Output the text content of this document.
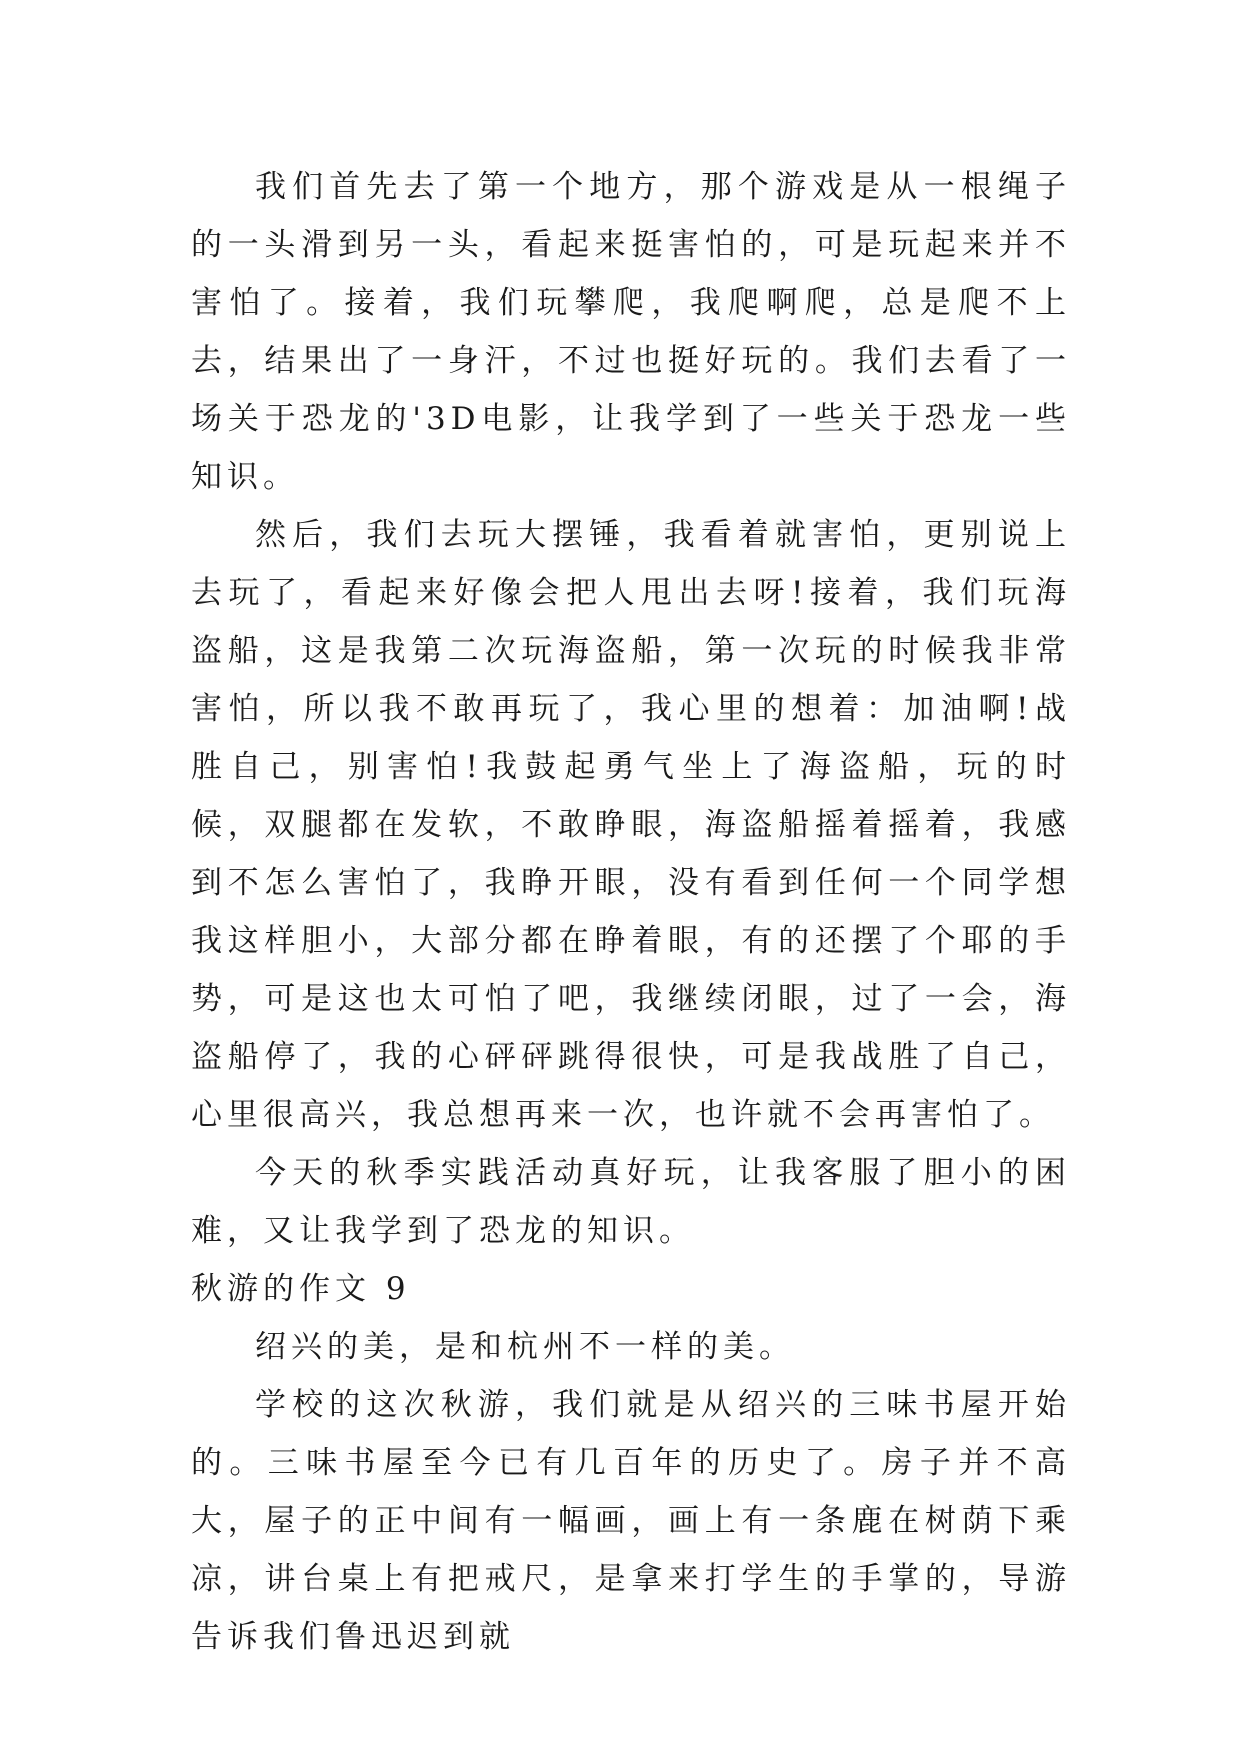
我们首先去了第一个地方，那个游戏是从一根绳子的一头滑到另一头，看起来挺害怕的，可是玩起来并不害怕了。接着，我们玩攀爬，我爬啊爬，总是爬不上去，结果出了一身汗，不过也挺好玩的。我们去看了一场关于恐龙的'3D电影，让我学到了一些关于恐龙一些知识。

然后，我们去玩大摆锤，我看着就害怕，更别说上去玩了，看起来好像会把人甩出去呀!接着，我们玩海盗船，这是我第二次玩海盗船，第一次玩的时候我非常害怕，所以我不敢再玩了，我心里的想着：加油啊!战胜自己，别害怕!我鼓起勇气坐上了海盗船，玩的时候，双腿都在发软，不敢睁眼，海盗船摇着摇着，我感到不怎么害怕了，我睁开眼，没有看到任何一个同学想我这样胆小，大部分都在睁着眼，有的还摆了个耶的手势，可是这也太可怕了吧，我继续闭眼，过了一会，海盗船停了，我的心砰砰跳得很快，可是我战胜了自己，心里很高兴，我总想再来一次，也许就不会再害怕了。

今天的秋季实践活动真好玩，让我客服了胆小的困难，又让我学到了恐龙的知识。

秋游的作文 9

绍兴的美，是和杭州不一样的美。

学校的这次秋游，我们就是从绍兴的三味书屋开始的。三味书屋至今已有几百年的历史了。房子并不高大，屋子的正中间有一幅画，画上有一条鹿在树荫下乘凉，讲台桌上有把戒尺，是拿来打学生的手掌的，导游告诉我们鲁迅迟到就
